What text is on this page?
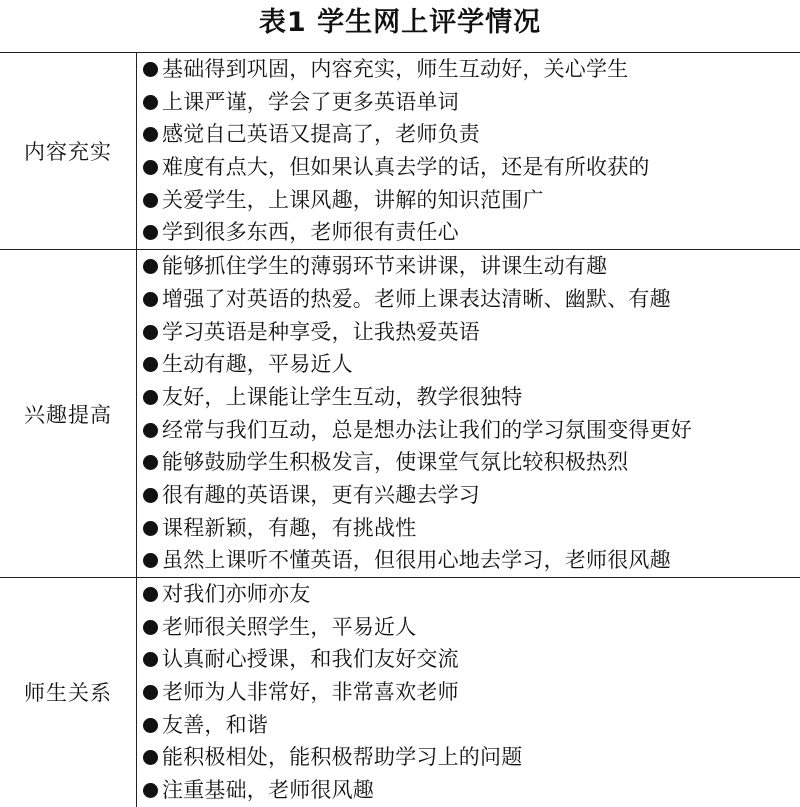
表1 学生网上评学情况
内容充实
基础得到巩固，内容充实，师生互动好，关心学生
上课严谨，学会了更多英语单词
感觉自己英语又提高了，老师负责
难度有点大，但如果认真去学的话，还是有所收获的
关爱学生，上课风趣，讲解的知识范围广
学到很多东西，老师很有责任心
兴趣提高
能够抓住学生的薄弱环节来讲课，讲课生动有趣
增强了对英语的热爱。老师上课表达清晰、幽默、有趣
学习英语是种享受，让我热爱英语
生动有趣，平易近人
友好，上课能让学生互动，教学很独特
经常与我们互动，总是想办法让我们的学习氛围变得更好
能够鼓励学生积极发言，使课堂气氛比较积极热烈
很有趣的英语课，更有兴趣去学习
课程新颖，有趣，有挑战性
虽然上课听不懂英语，但很用心地去学习，老师很风趣
师生关系
对我们亦师亦友
老师很关照学生，平易近人
认真耐心授课，和我们友好交流
老师为人非常好，非常喜欢老师
友善，和谐
能积极相处，能积极帮助学习上的问题
注重基础，老师很风趣
